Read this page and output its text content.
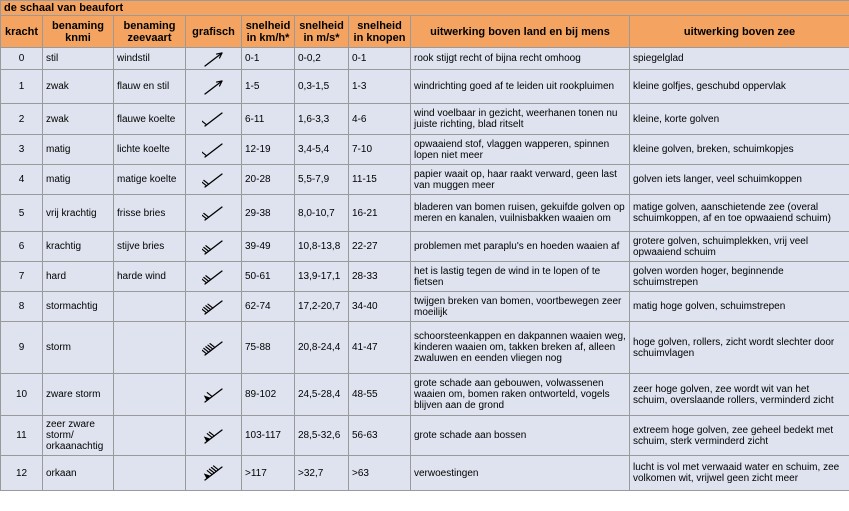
de schaal van beaufort								
kracht	benaming knmi	benaming zeevaart	grafisch	snelheid in km/h*	snelheid in m/s*	snelheid in knopen	uitwerking boven land en bij mens	uitwerking boven zee
0	stil	windstil		0-1	0-0,2	0-1	rook stijgt recht of bijna recht omhoog	spiegelglad
1	zwak	flauw en stil		1-5	0,3-1,5	1-3	windrichting goed af te leiden uit rookpluimen	kleine golfjes, geschubd oppervlak
2	zwak	flauwe koelte		6-11	1,6-3,3	4-6	wind voelbaar in gezicht, weerhanen tonen nu juiste richting, blad ritselt	kleine, korte golven
3	matig	lichte koelte		12-19	3,4-5,4	7-10	opwaaiend stof, vlaggen wapperen, spinnen lopen niet meer	kleine golven, breken, schuimkopjes
4	matig	matige koelte		20-28	5,5-7,9	11-15	papier waait op, haar raakt verward, geen last van muggen meer	golven iets langer, veel schuimkoppen
5	vrij krachtig	frisse bries		29-38	8,0-10,7	16-21	bladeren van bomen ruisen, gekuifde golven op meren en kanalen, vuilnisbakken waaien om	matige golven, aanschietende zee (overal schuimkoppen, af en toe opwaaiend schuim)
6	krachtig	stijve bries		39-49	10,8-13,8	22-27	problemen met paraplu's en hoeden waaien af	grotere golven, schuimplekken, vrij veel opwaaiend schuim
7	hard	harde wind		50-61	13,9-17,1	28-33	het is lastig tegen de wind in te lopen of te fietsen	golven worden hoger, beginnende schuimstrepen
8	stormachtig			62-74	17,2-20,7	34-40	twijgen breken van bomen, voortbewegen zeer moeilijk	matig hoge golven, schuimstrepen
9	storm			75-88	20,8-24,4	41-47	schoorsteenkappen en dakpannen waaien weg, kinderen waaien om, takken breken af, alleen zwaluwen en eenden vliegen nog	hoge golven, rollers, zicht wordt slechter door schuimvlagen
10	zware storm			89-102	24,5-28,4	48-55	grote schade aan gebouwen, volwassenen waaien om, bomen raken ontworteld, vogels blijven aan de grond	zeer hoge golven, zee wordt wit van het schuim, overslaande rollers, verminderd zicht
11	zeer zware storm/ orkaanachtig			103-117	28,5-32,6	56-63	grote schade aan bossen	extreem hoge golven, zee geheel bedekt met schuim, sterk verminderd zicht
12	orkaan			>117	>32,7	>63	verwoestingen	lucht is vol met verwaaid water en schuim, zee volkomen wit, vrijwel geen zicht meer
